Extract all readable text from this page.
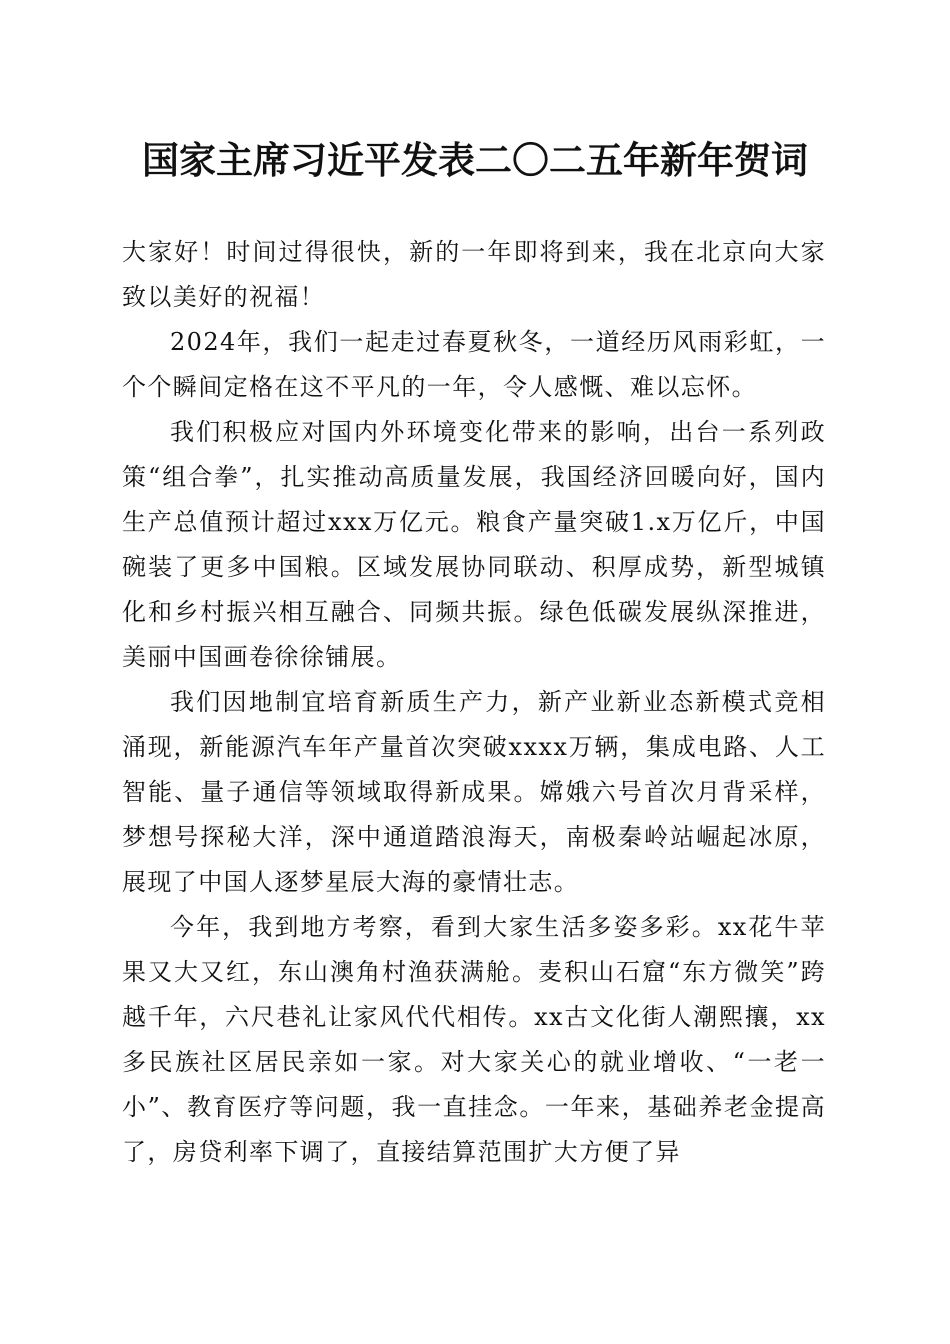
国家主席习近平发表二〇二五年新年贺词

大家好！时间过得很快，新的一年即将到来，我在北京向大家致以美好的祝福！

2024年，我们一起走过春夏秋冬，一道经历风雨彩虹，一个个瞬间定格在这不平凡的一年，令人感慨、难以忘怀。

我们积极应对国内外环境变化带来的影响，出台一系列政策“组合拳”，扎实推动高质量发展，我国经济回暖向好，国内生产总值预计超过xxx万亿元。粮食产量突破1.x万亿斤，中国碗装了更多中国粮。区域发展协同联动、积厚成势，新型城镇化和乡村振兴相互融合、同频共振。绿色低碳发展纵深推进，美丽中国画卷徐徐铺展。

我们因地制宜培育新质生产力，新产业新业态新模式竞相涌现，新能源汽车年产量首次突破xxxx万辆，集成电路、人工智能、量子通信等领域取得新成果。嫦娥六号首次月背采样，梦想号探秘大洋，深中通道踏浪海天，南极秦岭站崛起冰原，展现了中国人逐梦星辰大海的豪情壮志。

今年，我到地方考察，看到大家生活多姿多彩。xx花牛苹果又大又红，东山澳角村渔获满舱。麦积山石窟“东方微笑”跨越千年，六尺巷礼让家风代代相传。xx古文化街人潮熙攘，xx多民族社区居民亲如一家。对大家关心的就业增收、“一老一小”、教育医疗等问题，我一直挂念。一年来，基础养老金提高了，房贷利率下调了，直接结算范围扩大方便了异
